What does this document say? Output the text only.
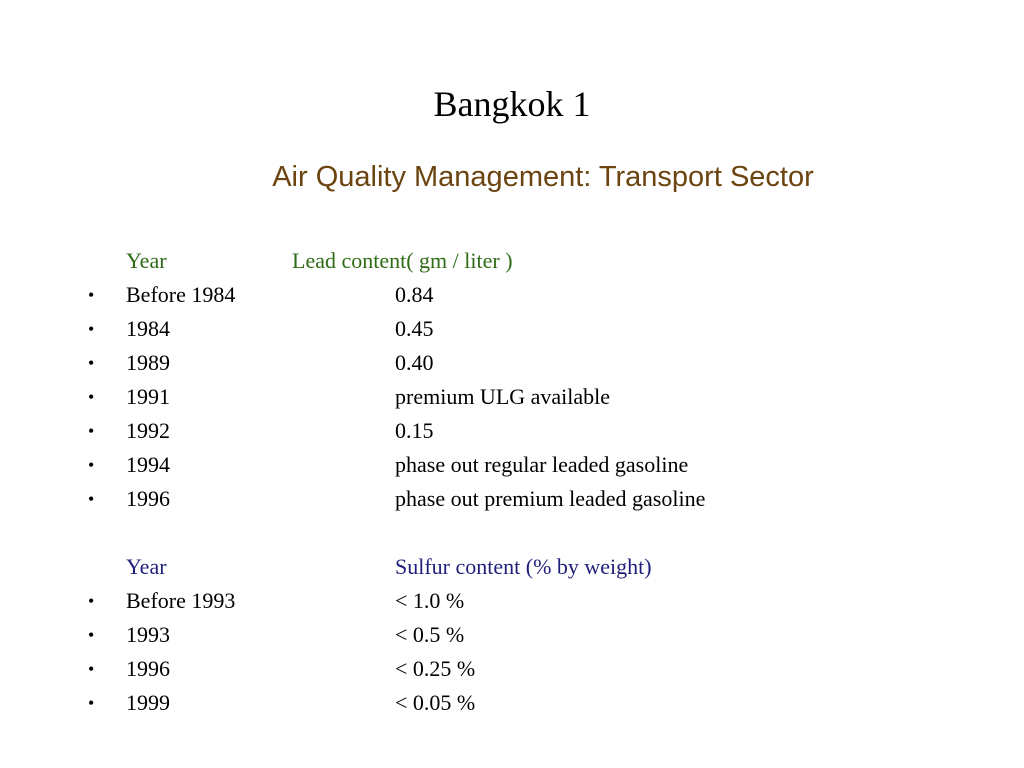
Bangkok 1
Air Quality Management: Transport Sector
Year	Lead content( gm / liter )
•	Before 1984	0.84
•	1984	0.45
•	1989	0.40
•	1991	premium ULG available
•	1992	0.15
•	1994	phase out regular leaded gasoline
•	1996	phase out premium leaded gasoline
Year	Sulfur content (% by weight)
•	Before 1993	< 1.0 %
•	1993	< 0.5 %
•	1996	< 0.25 %
•	1999	< 0.05 %
